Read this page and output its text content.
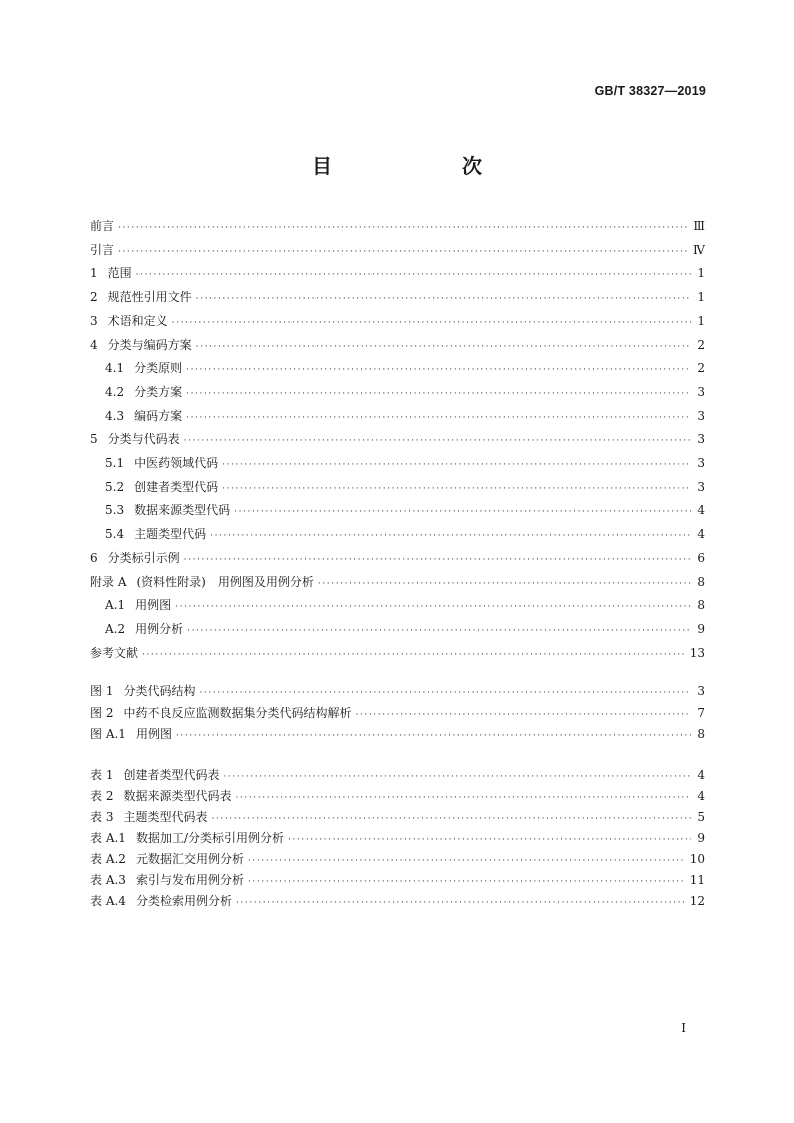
GB/T 38327—2019
目　　次
前言 ·····	Ⅲ
引言 ·····	Ⅳ
1 范围 ·····	1
2 规范性引用文件 ·····	1
3 术语和定义 ·····	1
4 分类与编码方案 ·····	2
4.1 分类原则 ·····	2
4.2 分类方案 ·····	3
4.3 编码方案 ·····	3
5 分类与代码表 ·····	3
5.1 中医药领域代码 ·····	3
5.2 创建者类型代码 ·····	3
5.3 数据来源类型代码 ·····	4
5.4 主题类型代码 ·····	4
6 分类标引示例 ·····	6
附录 A (资料性附录)　用例图及用例分析 ·····	8
A.1 用例图 ·····	8
A.2 用例分析 ·····	9
参考文献 ·····	13
图 1 分类代码结构 ·····	3
图 2 中药不良反应监测数据集分类代码结构解析 ·····	7
图 A.1 用例图 ·····	8
表 1 创建者类型代码表 ·····	4
表 2 数据来源类型代码表 ·····	4
表 3 主题类型代码表 ·····	5
表 A.1 数据加工/分类标引用例分析 ·····	9
表 A.2 元数据汇交用例分析 ·····	10
表 A.3 索引与发布用例分析 ·····	11
表 A.4 分类检索用例分析 ·····	12
I
